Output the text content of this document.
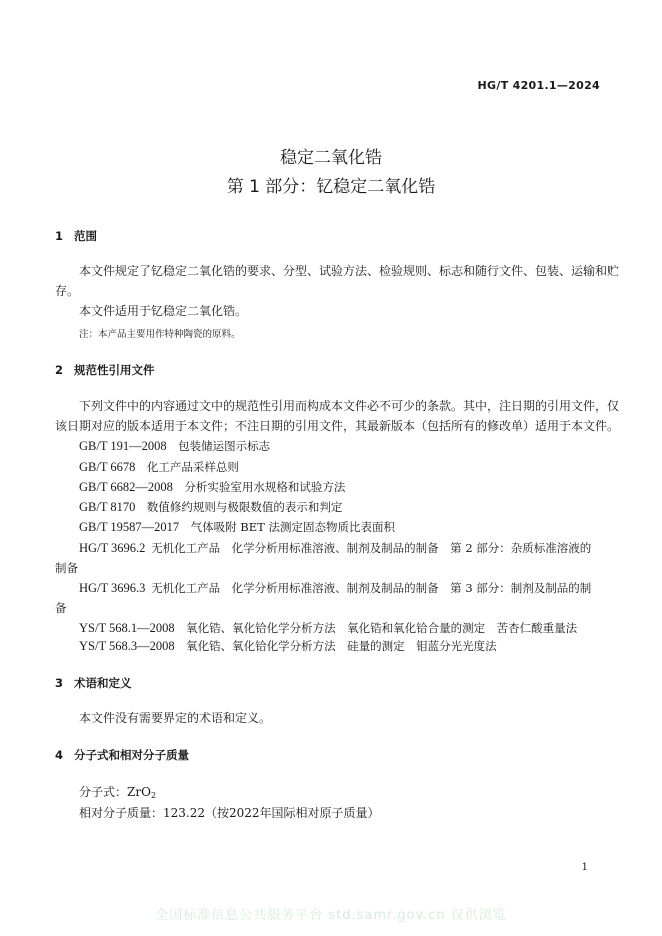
HG/T 4201.1—2024
稳定二氧化锆
第 1 部分：钇稳定二氧化锆
1 范围
本文件规定了钇稳定二氧化锆的要求、分型、试验方法、检验规则、标志和随行文件、包装、运输和贮
存。
本文件适用于钇稳定二氧化锆。
注：本产品主要用作特种陶瓷的原料。
2 规范性引用文件
下列文件中的内容通过文中的规范性引用而构成本文件必不可少的条款。其中，注日期的引用文件，仅
该日期对应的版本适用于本文件；不注日期的引用文件，其最新版本（包括所有的修改单）适用于本文件。
GB/T 191—2008  包装储运图示标志
GB/T 6678  化工产品采样总则
GB/T 6682—2008  分析实验室用水规格和试验方法
GB/T 8170  数值修约规则与极限数值的表示和判定
GB/T 19587—2017  气体吸附 BET 法测定固态物质比表面积
HG/T 3696.2  无机化工产品　化学分析用标准溶液、制剂及制品的制备　第 2 部分：杂质标准溶液的
制备
HG/T 3696.3  无机化工产品　化学分析用标准溶液、制剂及制品的制备　第 3 部分：制剂及制品的制
备
YS/T 568.1—2008  氧化锆、氧化铪化学分析方法　氧化锆和氧化铪合量的测定　苦杏仁酸重量法
YS/T 568.3—2008  氧化锆、氧化铪化学分析方法　硅量的测定　钼蓝分光光度法
3 术语和定义
本文件没有需要界定的术语和定义。
4 分子式和相对分子质量
分子式：ZrO$_2$
相对分子质量：123.22（按2022年国际相对原子质量）
1
全国标准信息公共服务平台 std.samr.gov.cn 仅供浏览
